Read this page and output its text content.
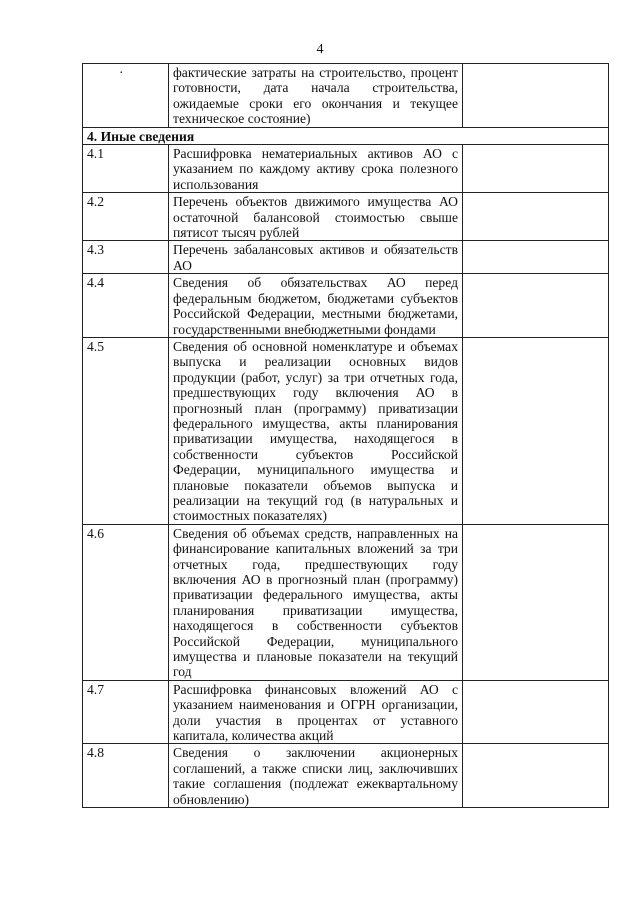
4
·	фактические затраты на строительство, процент готовности, дата начала строительства, ожидаемые сроки его окончания и текущее техническое состояние)	
4. Иные сведения		
4.1	Расшифровка нематериальных активов АО с указанием по каждому активу срока полезного использования	
4.2	Перечень объектов движимого имущества АО остаточной балансовой стоимостью свыше пятисот тысяч рублей	
4.3	Перечень забалансовых активов и обязательств АО	
4.4	Сведения об обязательствах АО перед федеральным бюджетом, бюджетами субъектов Российской Федерации, местными бюджетами, государственными внебюджетными фондами	
4.5	Сведения об основной номенклатуре и объемах выпуска и реализации основных видов продукции (работ, услуг) за три отчетных года, предшествующих году включения АО в прогнозный план (программу) приватизации федерального имущества, акты планирования приватизации имущества, находящегося в собственности субъектов Российской Федерации, муниципального имущества и плановые показатели объемов выпуска и реализации на текущий год (в натуральных и стоимостных показателях)	
4.6	Сведения об объемах средств, направленных на финансирование капитальных вложений за три отчетных года, предшествующих году включения АО в прогнозный план (программу) приватизации федерального имущества, акты планирования приватизации имущества, находящегося в собственности субъектов Российской Федерации, муниципального имущества и плановые показатели на текущий год	
4.7	Расшифровка финансовых вложений АО с указанием наименования и ОГРН организации, доли участия в процентах от уставного капитала, количества акций	
4.8	Сведения о заключении акционерных соглашений, а также списки лиц, заключивших такие соглашения (подлежат ежеквартальному обновлению)	
